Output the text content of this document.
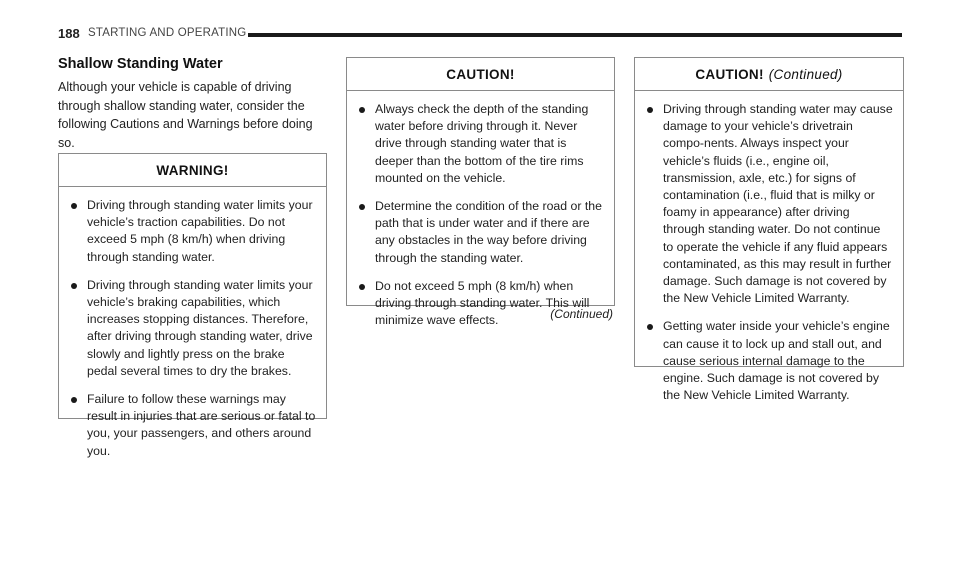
188 STARTING AND OPERATING
Shallow Standing Water

Although your vehicle is capable of driving through shallow standing water, consider the following Cautions and Warnings before doing so.

WARNING!
Driving through standing water limits your vehicle’s traction capabilities. Do not exceed 5 mph (8 km/h) when driving through standing water.
Driving through standing water limits your vehicle’s braking capabilities, which increases stopping distances. Therefore, after driving through standing water, drive slowly and lightly press on the brake pedal several times to dry the brakes.
Failure to follow these warnings may result in injuries that are serious or fatal to you, your passengers, and others around you.
CAUTION!
Always check the depth of the standing water before driving through it. Never drive through standing water that is deeper than the bottom of the tire rims mounted on the vehicle.
Determine the condition of the road or the path that is under water and if there are any obstacles in the way before driving through the standing water.
Do not exceed 5 mph (8 km/h) when driving through standing water. This will minimize wave effects.	(Continued)
CAUTION! (Continued)
Driving through standing water may cause damage to your vehicle’s drivetrain compo-nents. Always inspect your vehicle’s fluids (i.e., engine oil, transmission, axle, etc.) for signs of contamination (i.e., fluid that is milky or foamy in appearance) after driving through standing water. Do not continue to operate the vehicle if any fluid appears contaminated, as this may result in further damage. Such damage is not covered by the New Vehicle Limited Warranty.
Getting water inside your vehicle’s engine can cause it to lock up and stall out, and cause serious internal damage to the engine. Such damage is not covered by the New Vehicle Limited Warranty.
